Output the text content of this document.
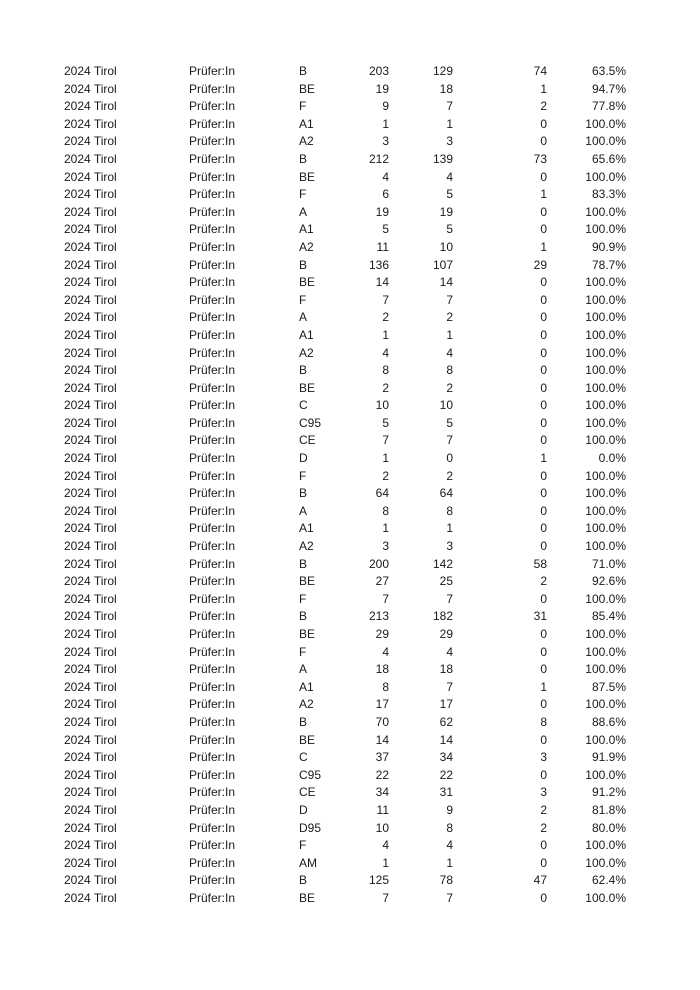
2024 Tirol	Prüfer:In	B	203	129	74	63.5%
2024 Tirol	Prüfer:In	BE	19	18	1	94.7%
2024 Tirol	Prüfer:In	F	9	7	2	77.8%
2024 Tirol	Prüfer:In	A1	1	1	0	100.0%
2024 Tirol	Prüfer:In	A2	3	3	0	100.0%
2024 Tirol	Prüfer:In	B	212	139	73	65.6%
2024 Tirol	Prüfer:In	BE	4	4	0	100.0%
2024 Tirol	Prüfer:In	F	6	5	1	83.3%
2024 Tirol	Prüfer:In	A	19	19	0	100.0%
2024 Tirol	Prüfer:In	A1	5	5	0	100.0%
2024 Tirol	Prüfer:In	A2	11	10	1	90.9%
2024 Tirol	Prüfer:In	B	136	107	29	78.7%
2024 Tirol	Prüfer:In	BE	14	14	0	100.0%
2024 Tirol	Prüfer:In	F	7	7	0	100.0%
2024 Tirol	Prüfer:In	A	2	2	0	100.0%
2024 Tirol	Prüfer:In	A1	1	1	0	100.0%
2024 Tirol	Prüfer:In	A2	4	4	0	100.0%
2024 Tirol	Prüfer:In	B	8	8	0	100.0%
2024 Tirol	Prüfer:In	BE	2	2	0	100.0%
2024 Tirol	Prüfer:In	C	10	10	0	100.0%
2024 Tirol	Prüfer:In	C95	5	5	0	100.0%
2024 Tirol	Prüfer:In	CE	7	7	0	100.0%
2024 Tirol	Prüfer:In	D	1	0	1	0.0%
2024 Tirol	Prüfer:In	F	2	2	0	100.0%
2024 Tirol	Prüfer:In	B	64	64	0	100.0%
2024 Tirol	Prüfer:In	A	8	8	0	100.0%
2024 Tirol	Prüfer:In	A1	1	1	0	100.0%
2024 Tirol	Prüfer:In	A2	3	3	0	100.0%
2024 Tirol	Prüfer:In	B	200	142	58	71.0%
2024 Tirol	Prüfer:In	BE	27	25	2	92.6%
2024 Tirol	Prüfer:In	F	7	7	0	100.0%
2024 Tirol	Prüfer:In	B	213	182	31	85.4%
2024 Tirol	Prüfer:In	BE	29	29	0	100.0%
2024 Tirol	Prüfer:In	F	4	4	0	100.0%
2024 Tirol	Prüfer:In	A	18	18	0	100.0%
2024 Tirol	Prüfer:In	A1	8	7	1	87.5%
2024 Tirol	Prüfer:In	A2	17	17	0	100.0%
2024 Tirol	Prüfer:In	B	70	62	8	88.6%
2024 Tirol	Prüfer:In	BE	14	14	0	100.0%
2024 Tirol	Prüfer:In	C	37	34	3	91.9%
2024 Tirol	Prüfer:In	C95	22	22	0	100.0%
2024 Tirol	Prüfer:In	CE	34	31	3	91.2%
2024 Tirol	Prüfer:In	D	11	9	2	81.8%
2024 Tirol	Prüfer:In	D95	10	8	2	80.0%
2024 Tirol	Prüfer:In	F	4	4	0	100.0%
2024 Tirol	Prüfer:In	AM	1	1	0	100.0%
2024 Tirol	Prüfer:In	B	125	78	47	62.4%
2024 Tirol	Prüfer:In	BE	7	7	0	100.0%
